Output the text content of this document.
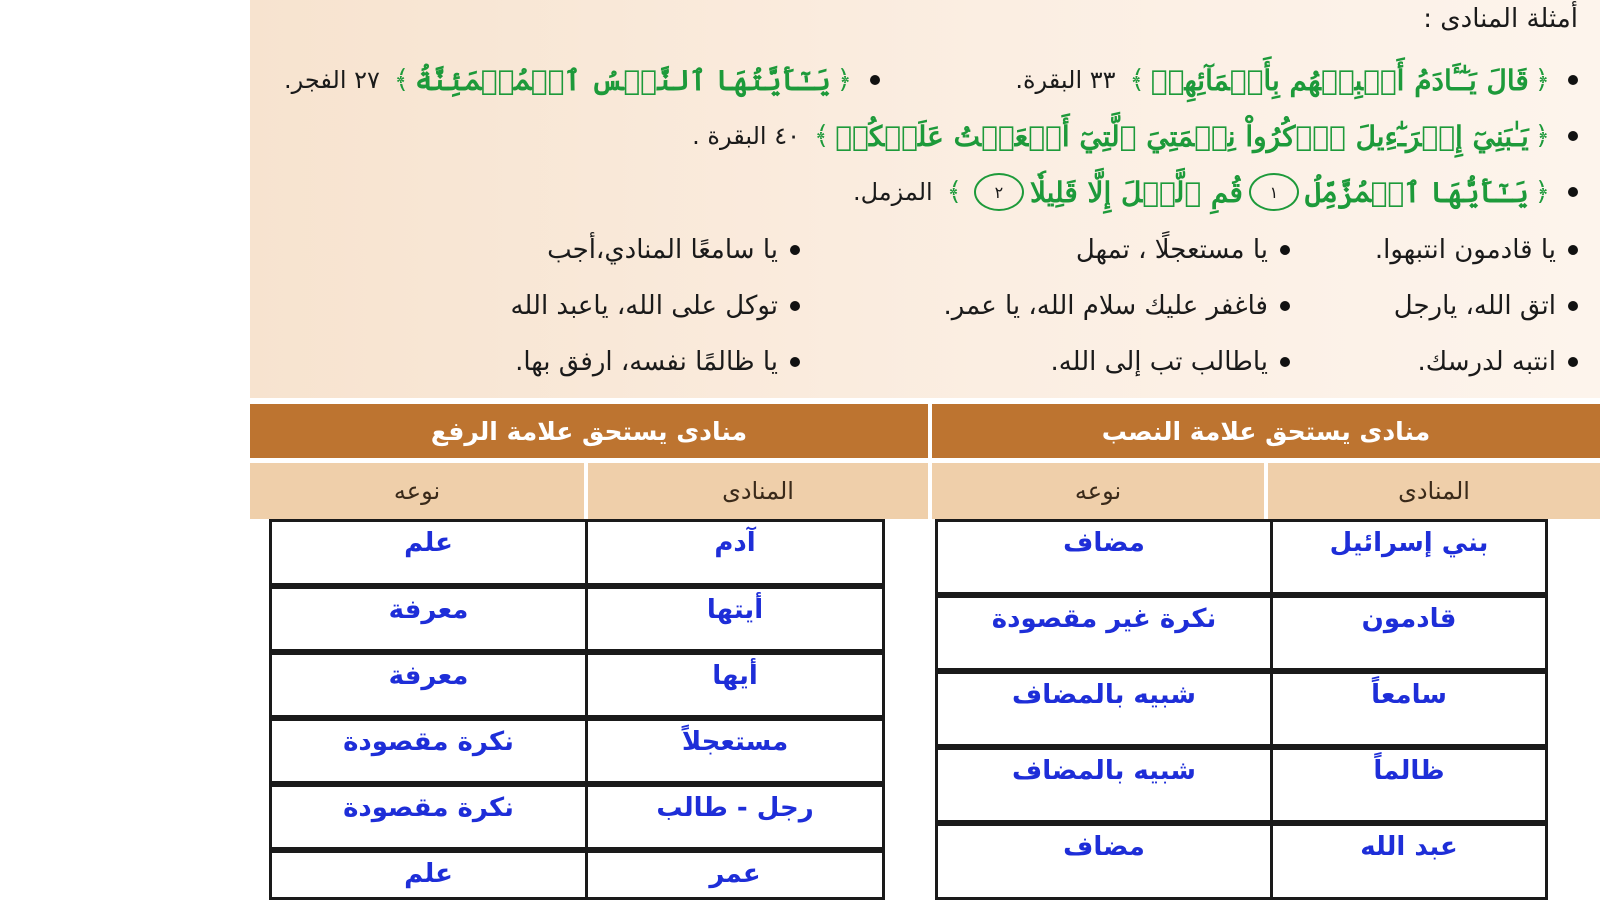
أمثلة المنادى :
﴿
قَالَ يَـٰٓـَٔادَمُ أَنۢبِئۡهُم بِأَسۡمَآئِهِمۡ
﴾
٣٣ البقرة.
﴿
يَـٰٓأَيَّتُهَا ٱلنَّفۡسُ ٱلۡمُطۡمَئِنَّةُ
﴾
٢٧ الفجر.
﴿
يَـٰبَنِيٓ إِسۡرَـٰٓءِيلَ ٱذۡكُرُواْ نِعۡمَتِيَ ٱلَّتِيٓ أَنۡعَمۡتُ عَلَيۡكُمۡ
﴾
٤٠ البقرة .
﴿
يَـٰٓأَيُّهَا ٱلۡمُزَّمِّلُ
١
قُمِ ٱلَّيۡلَ إِلَّا قَلِيلٗا
٢
﴾
المزمل.
يا قادمون انتبهوا.
يا مستعجلًا ، تمهل
يا سامعًا المنادي،أجب
اتق الله، يارجل
فاغفر عليك سلام الله، يا عمر.
توكل على الله، ياعبد الله
انتبه لدرسك.
ياطالب تب إلى الله.
يا ظالمًا نفسه، ارفق بها.
منادى يستحق علامة النصب
المنادى
نوعه
بني إسرائيل
مضاف
قادمون
نكرة غير مقصودة
سامعاً
شبيه بالمضاف
ظالماً
شبيه بالمضاف
عبد الله
مضاف
منادى يستحق علامة الرفع
المنادى
نوعه
آدم
علم
أيتها
معرفة
أيها
معرفة
مستعجلاً
نكرة مقصودة
رجل - طالب
نكرة مقصودة
عمر
علم
